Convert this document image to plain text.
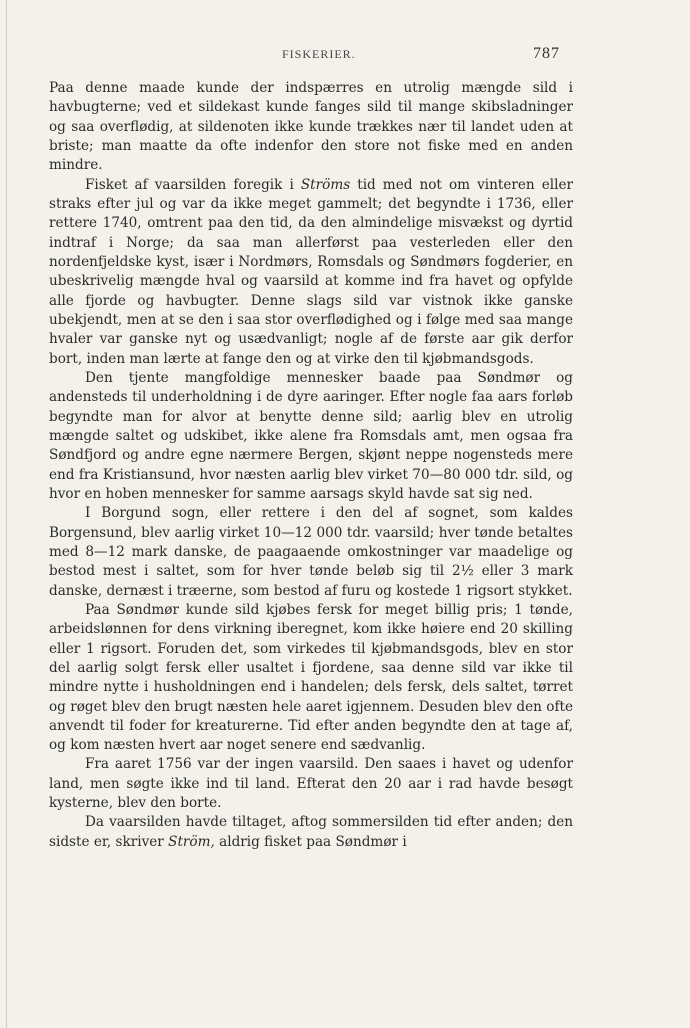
FISKERIER.	787

Paa denne maade kunde der indspærres en utrolig mængde sild i havbugterne; ved et sildekast kunde fanges sild til mange skibsladninger og saa overflødig, at sildenoten ikke kunde trækkes nær til landet uden at briste; man maatte da ofte indenfor den store not fiske med en anden mindre.

Fisket af vaarsilden foregik i Ströms tid med not om vinteren eller straks efter jul og var da ikke meget gammelt; det begyndte i 1736, eller rettere 1740, omtrent paa den tid, da den almindelige misvækst og dyrtid indtraf i Norge; da saa man allerførst paa vesterleden eller den nordenfjeldske kyst, især i Nordmørs, Romsdals og Søndmørs fogderier, en ubeskrivelig mængde hval og vaarsild at komme ind fra havet og opfylde alle fjorde og havbugter. Denne slags sild var vistnok ikke ganske ubekjendt, men at se den i saa stor overflødighed og i følge med saa mange hvaler var ganske nyt og usædvanligt; nogle af de første aar gik derfor bort, inden man lærte at fange den og at virke den til kjøbmandsgods.

Den tjente mangfoldige mennesker baade paa Søndmør og andensteds til underholdning i de dyre aaringer. Efter nogle faa aars forløb begyndte man for alvor at benytte denne sild; aarlig blev en utrolig mængde saltet og udskibet, ikke alene fra Romsdals amt, men ogsaa fra Søndfjord og andre egne nærmere Bergen, skjønt neppe nogensteds mere end fra Kristiansund, hvor næsten aarlig blev virket 70—80 000 tdr. sild, og hvor en hoben mennesker for samme aarsags skyld havde sat sig ned.

I Borgund sogn, eller rettere i den del af sognet, som kaldes Borgensund, blev aarlig virket 10—12 000 tdr. vaarsild; hver tønde betaltes med 8—12 mark danske, de paagaaende omkostninger var maadelige og bestod mest i saltet, som for hver tønde beløb sig til 2½ eller 3 mark danske, dernæst i træerne, som bestod af furu og kostede 1 rigsort stykket.

Paa Søndmør kunde sild kjøbes fersk for meget billig pris; 1 tønde, arbeidslønnen for dens virkning iberegnet, kom ikke høiere end 20 skilling eller 1 rigsort. Foruden det, som virkedes til kjøbmandsgods, blev en stor del aarlig solgt fersk eller usaltet i fjordene, saa denne sild var ikke til mindre nytte i husholdningen end i handelen; dels fersk, dels saltet, tørret og røget blev den brugt næsten hele aaret igjennem. Desuden blev den ofte anvendt til foder for kreaturerne. Tid efter anden begyndte den at tage af, og kom næsten hvert aar noget senere end sædvanlig.

Fra aaret 1756 var der ingen vaarsild. Den saaes i havet og udenfor land, men søgte ikke ind til land. Efterat den 20 aar i rad havde besøgt kysterne, blev den borte.

Da vaarsilden havde tiltaget, aftog sommersilden tid efter anden; den sidste er, skriver Ström, aldrig fisket paa Søndmør i
